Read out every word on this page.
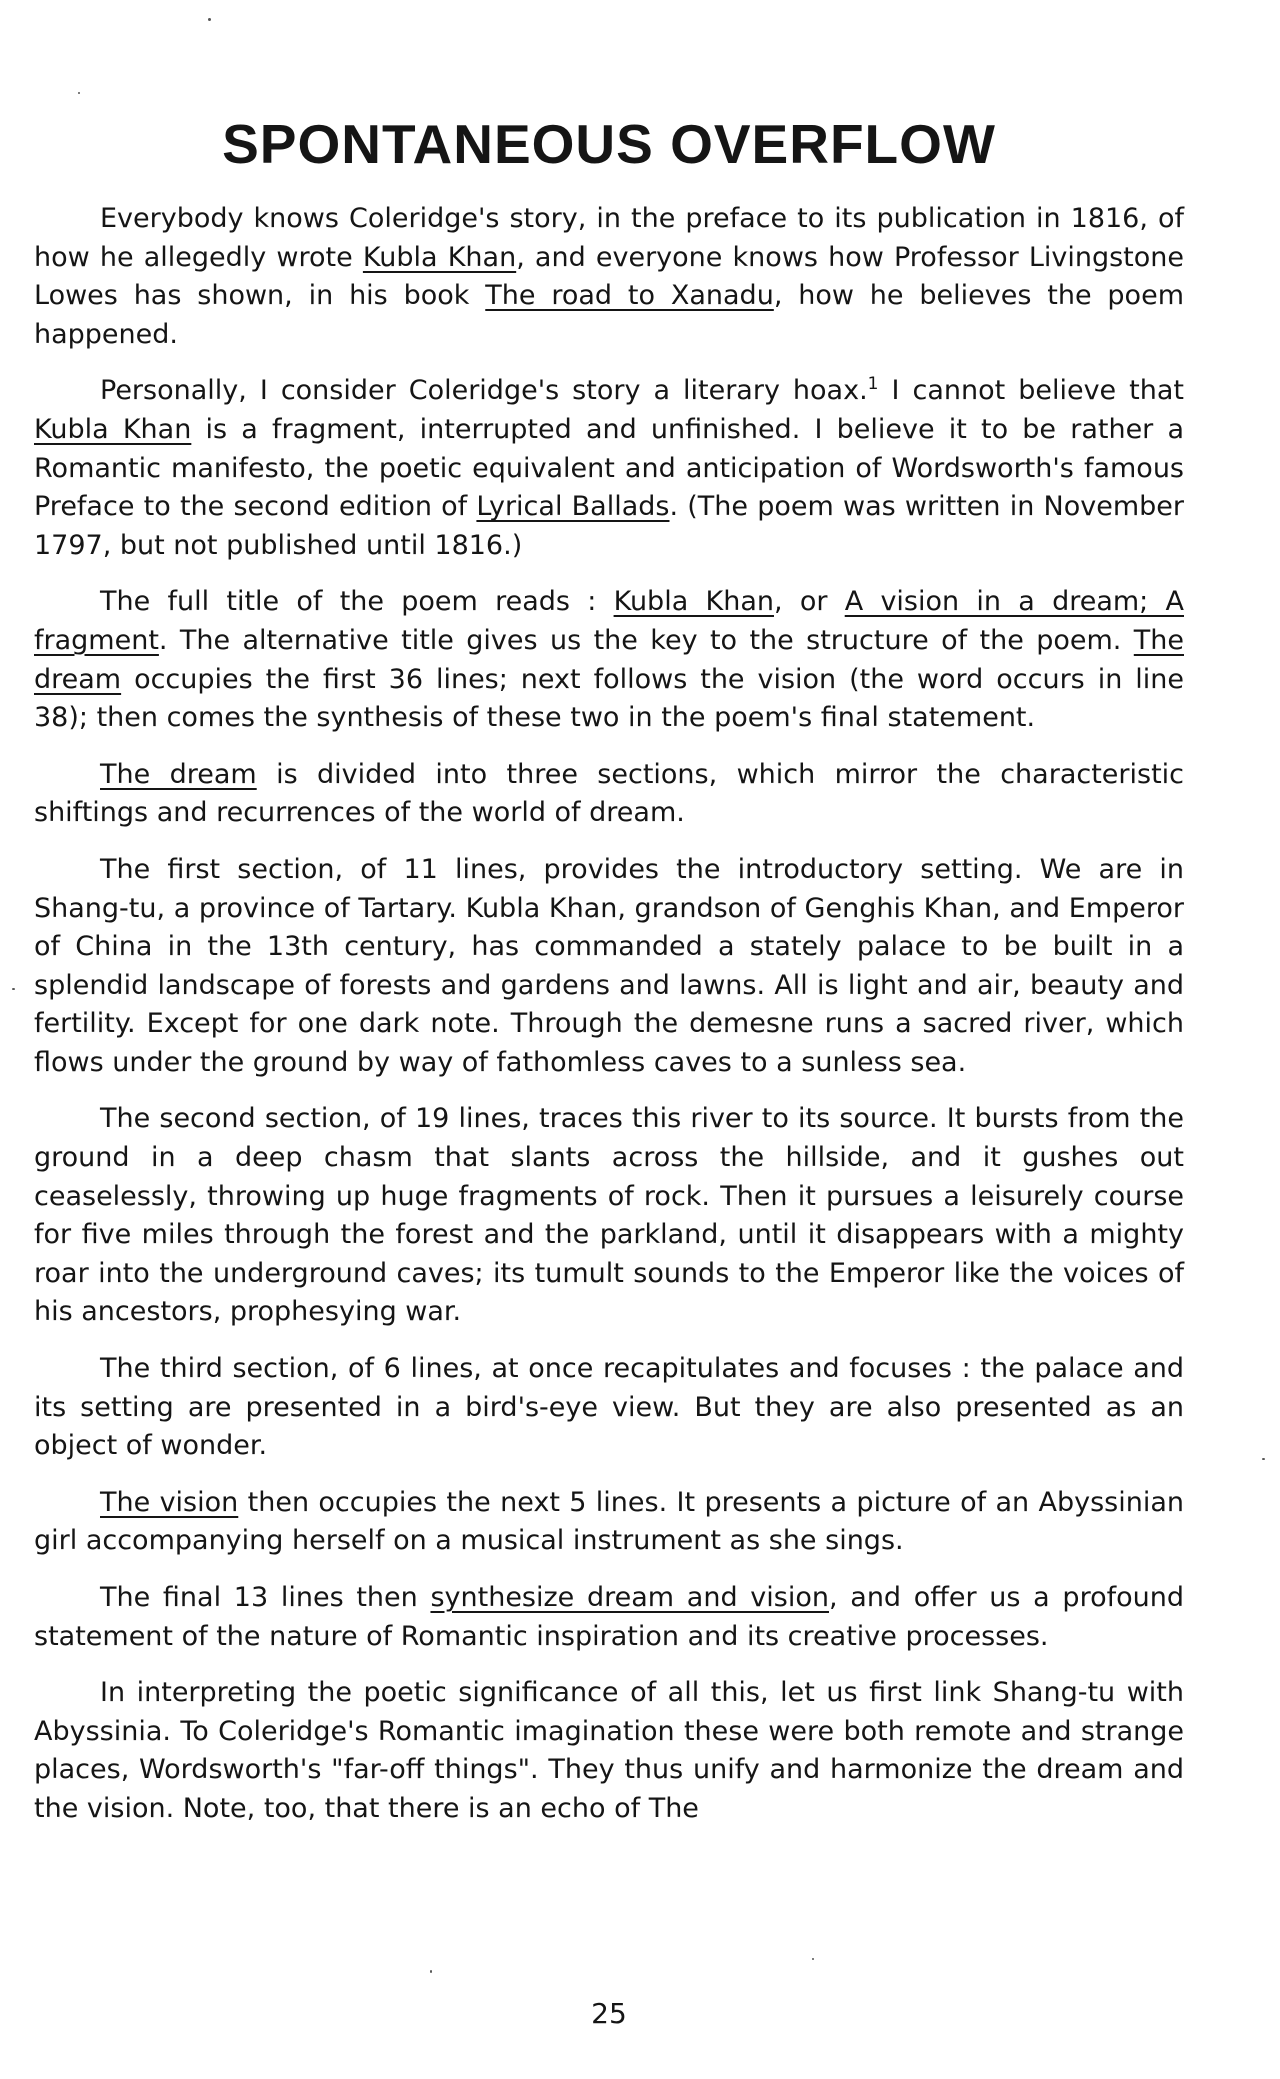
SPONTANEOUS OVERFLOW

Everybody knows Coleridge's story, in the preface to its publication in 1816, of how he allegedly wrote Kubla Khan, and everyone knows how Professor Livingstone Lowes has shown, in his book The road to Xanadu, how he believes the poem happened.

Personally, I consider Coleridge's story a literary hoax.$^1$ I cannot believe that Kubla Khan is a fragment, interrupted and unfinished. I believe it to be rather a Romantic manifesto, the poetic equivalent and anticipation of Wordsworth's famous Preface to the second edition of Lyrical Ballads. (The poem was written in November 1797, but not published until 1816.)

The full title of the poem reads : Kubla Khan, or A vision in a dream; A fragment. The alternative title gives us the key to the structure of the poem. The dream occupies the first 36 lines; next follows the vision (the word occurs in line 38); then comes the synthesis of these two in the poem's final statement.

The dream is divided into three sections, which mirror the characteristic shiftings and recurrences of the world of dream.

The first section, of 11 lines, provides the introductory setting. We are in Shang-tu, a province of Tartary. Kubla Khan, grandson of Genghis Khan, and Emperor of China in the 13th century, has commanded a stately palace to be built in a splendid landscape of forests and gardens and lawns. All is light and air, beauty and fertility. Except for one dark note. Through the demesne runs a sacred river, which flows under the ground by way of fathomless caves to a sunless sea.

The second section, of 19 lines, traces this river to its source. It bursts from the ground in a deep chasm that slants across the hillside, and it gushes out ceaselessly, throwing up huge fragments of rock. Then it pursues a leisurely course for five miles through the forest and the parkland, until it disappears with a mighty roar into the underground caves; its tumult sounds to the Emperor like the voices of his ancestors, prophesying war.

The third section, of 6 lines, at once recapitulates and focuses : the palace and its setting are presented in a bird's-eye view. But they are also presented as an object of wonder.

The vision then occupies the next 5 lines. It presents a picture of an Abyssinian girl accompanying herself on a musical instrument as she sings.

The final 13 lines then synthesize dream and vision, and offer us a profound statement of the nature of Romantic inspiration and its creative processes.

In interpreting the poetic significance of all this, let us first link Shang-tu with Abyssinia. To Coleridge's Romantic imagination these were both remote and strange places, Wordsworth's "far-off things". They thus unify and harmonize the dream and the vision. Note, too, that there is an echo of The

25
